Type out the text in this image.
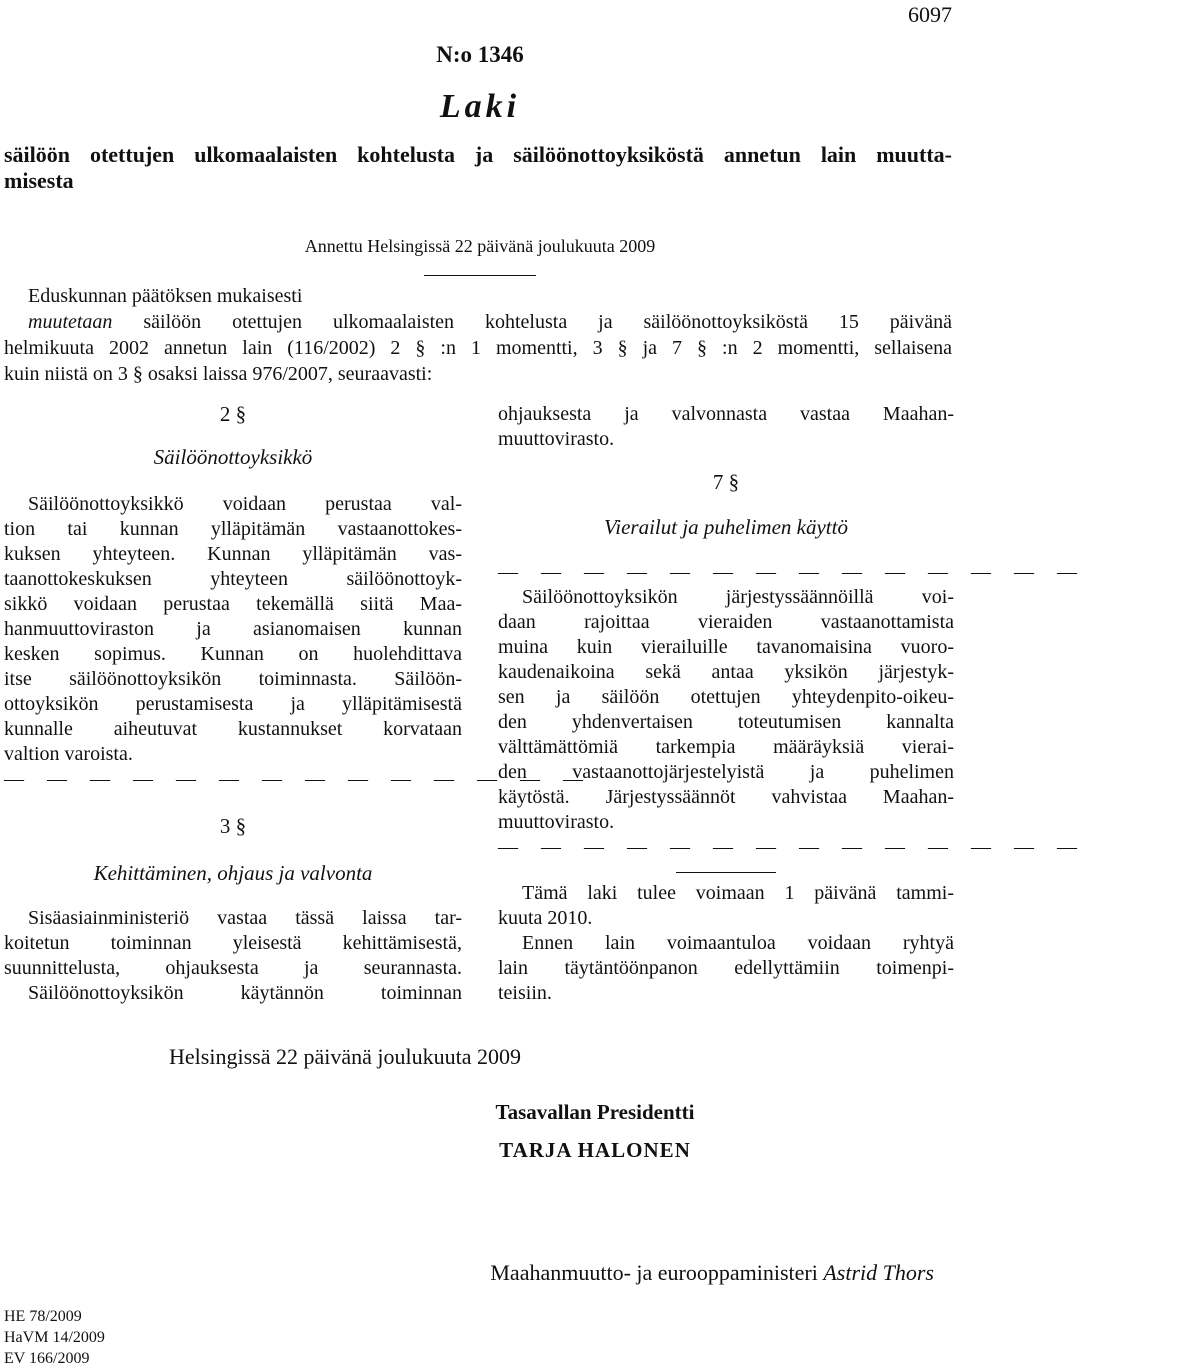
6097
N:o 1346
Laki
säilöön otettujen ulkomaalaisten kohtelusta ja säilöönottoyksiköstä annetun lain muutta-
misesta
Annettu Helsingissä 22 päivänä joulukuuta 2009

Eduskunnan päätöksen mukaisesti

muutetaan säilöön otettujen ulkomaalaisten kohtelusta ja säilöönottoyksiköstä 15 päivänä

helmikuuta 2002 annetun lain (116/2002) 2 § :n 1 momentti, 3 § ja 7 § :n 2 momentti, sellaisena

kuin niistä on 3 § osaksi laissa 976/2007, seuraavasti:

2 §

Säilöönottoyksikkö

Säilöönottoyksikkö voidaan perustaa val-

tion tai kunnan ylläpitämän vastaanottokes-

kuksen yhteyteen. Kunnan ylläpitämän vas-

taanottokeskuksen yhteyteen säilöönottoyk-

sikkö voidaan perustaa tekemällä siitä Maa-

hanmuuttoviraston ja asianomaisen kunnan

kesken sopimus. Kunnan on huolehdittava

itse säilöönottoyksikön toiminnasta. Säilöön-

ottoyksikön perustamisesta ja ylläpitämisestä

kunnalle aiheutuvat kustannukset korvataan

valtion varoista.

— — — — — — — — — — — — — —

3 §

Kehittäminen, ohjaus ja valvonta

Sisäasiainministeriö vastaa tässä laissa tar-

koitetun toiminnan yleisestä kehittämisestä,

suunnittelusta, ohjauksesta ja seurannasta.

Säilöönottoyksikön käytännön toiminnan

ohjauksesta ja valvonnasta vastaa Maahan-

muuttovirasto.

7 §

Vierailut ja puhelimen käyttö

— — — — — — — — — — — — — —

Säilöönottoyksikön järjestyssäännöillä voi-

daan rajoittaa vieraiden vastaanottamista

muina kuin vierailuille tavanomaisina vuoro-

kaudenaikoina sekä antaa yksikön järjestyk-

sen ja säilöön otettujen yhteydenpito-oikeu-

den yhdenvertaisen toteutumisen kannalta

välttämättömiä tarkempia määräyksiä vierai-

den vastaanottojärjestelyistä ja puhelimen

käytöstä. Järjestyssäännöt vahvistaa Maahan-

muuttovirasto.

— — — — — — — — — — — — — —

Tämä laki tulee voimaan 1 päivänä tammi-

kuuta 2010.

Ennen lain voimaantuloa voidaan ryhtyä

lain täytäntöönpanon edellyttämiin toimenpi-

teisiin.

Helsingissä 22 päivänä joulukuuta 2009
Tasavallan Presidentti
TARJA HALONEN
Maahanmuutto- ja eurooppaministeri Astrid Thors
HE 78/2009
HaVM 14/2009
EV 166/2009
